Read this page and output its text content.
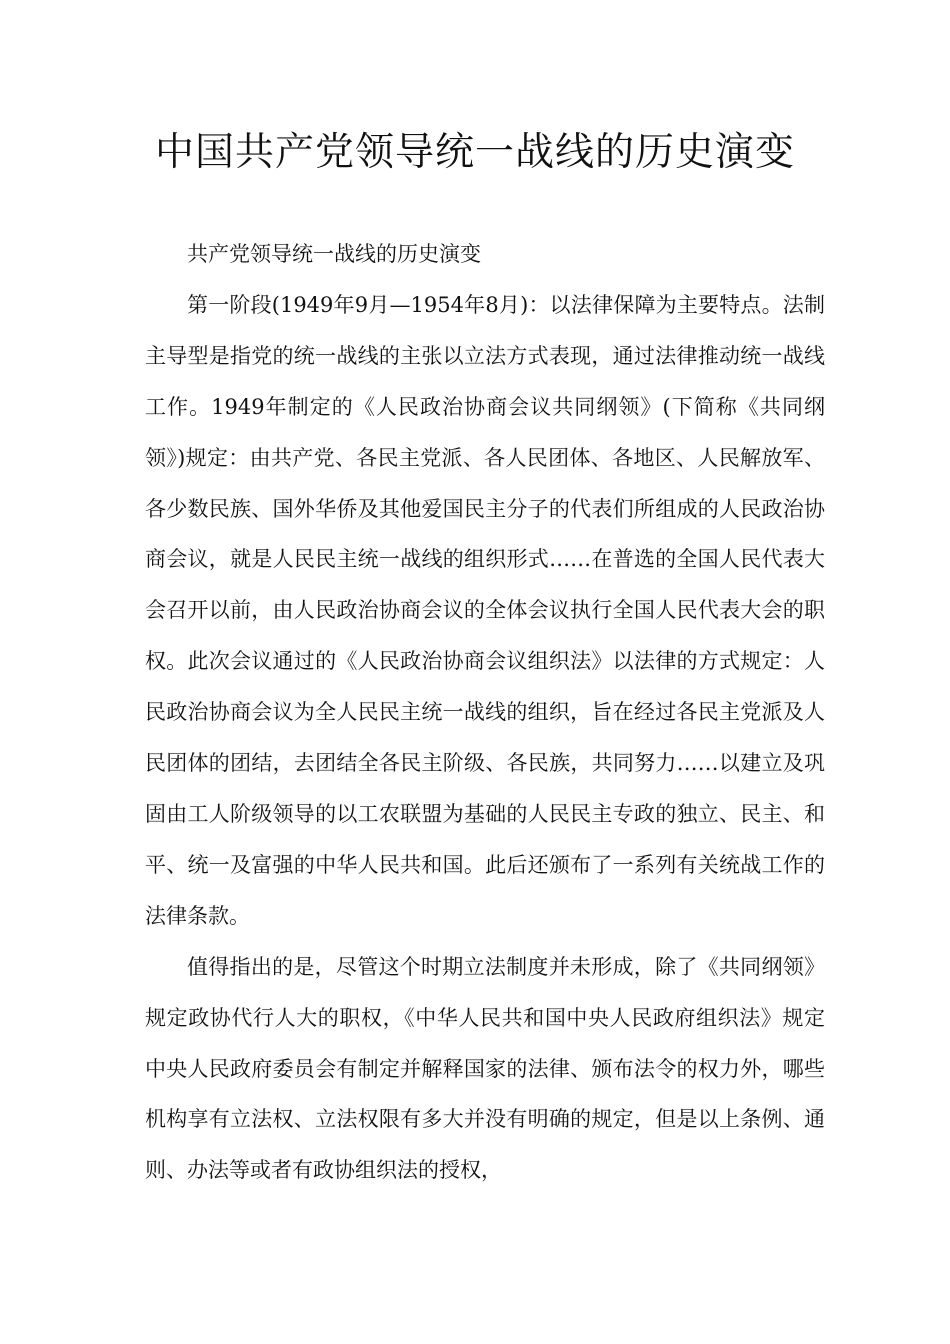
中国共产党领导统一战线的历史演变

共产党领导统一战线的历史演变

第一阶段(1949年9月—1954年8月)：以法律保障为主要特点。法制主导型是指党的统一战线的主张以立法方式表现，通过法律推动统一战线工作。1949年制定的《人民政治协商会议共同纲领》(下简称《共同纲领》)规定：由共产党、各民主党派、各人民团体、各地区、人民解放军、各少数民族、国外华侨及其他爱国民主分子的代表们所组成的人民政治协商会议，就是人民民主统一战线的组织形式……在普选的全国人民代表大会召开以前，由人民政治协商会议的全体会议执行全国人民代表大会的职权。此次会议通过的《人民政治协商会议组织法》以法律的方式规定：人民政治协商会议为全人民民主统一战线的组织，旨在经过各民主党派及人民团体的团结，去团结全各民主阶级、各民族，共同努力……以建立及巩固由工人阶级领导的以工农联盟为基础的人民民主专政的独立、民主、和平、统一及富强的中华人民共和国。此后还颁布了一系列有关统战工作的法律条款。

值得指出的是，尽管这个时期立法制度并未形成，除了《共同纲领》规定政协代行人大的职权，《中华人民共和国中央人民政府组织法》规定中央人民政府委员会有制定并解释国家的法律、颁布法令的权力外，哪些机构享有立法权、立法权限有多大并没有明确的规定，但是以上条例、通则、办法等或者有政协组织法的授权，
